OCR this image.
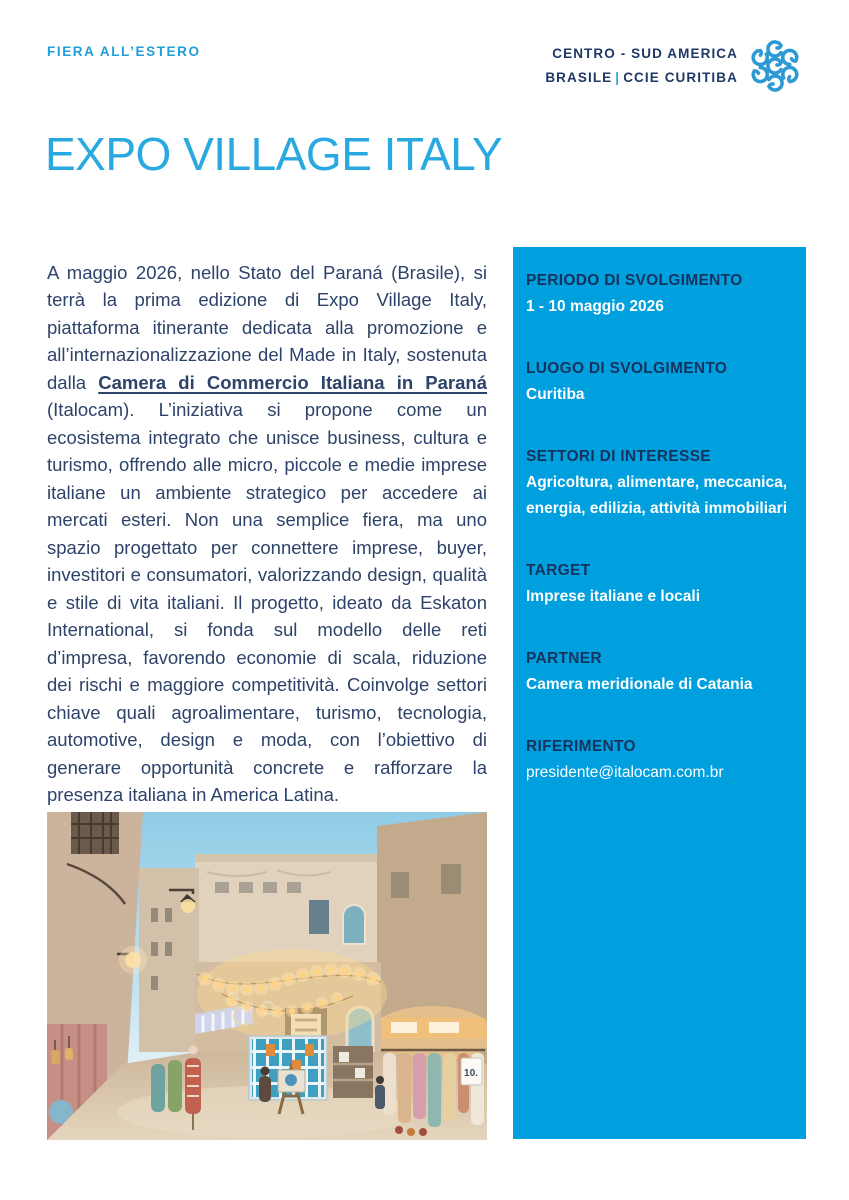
FIERA ALL’ESTERO	CENTRO - SUD AMERICA
BRASILE | CCIE CURITIBA
EXPO VILLAGE ITALY

A maggio 2026, nello Stato del Paraná (Brasile), si terrà la prima edizione di Expo Village Italy, piattaforma itinerante dedicata alla promozione e all’internazionalizzazione del Made in Italy, sostenuta dalla Camera di Commercio Italiana in Paraná (Italocam). L’iniziativa si propone come un ecosistema integrato che unisce business, cultura e turismo, offrendo alle micro, piccole e medie imprese italiane un ambiente strategico per accedere ai mercati esteri. Non una semplice fiera, ma uno spazio progettato per connettere imprese, buyer, investitori e consumatori, valorizzando design, qualità e stile di vita italiani. Il progetto, ideato da Eskaton International, si fonda sul modello delle reti d’impresa, favorendo economie di scala, riduzione dei rischi e maggiore competitività. Coinvolge settori chiave quali agroalimentare, turismo, tecnologia, automotive, design e moda, con l’obiettivo di generare opportunità concrete e rafforzare la presenza italiana in America Latina.

10.
PERIODO DI SVOLGIMENTO
1 - 10 maggio 2026
LUOGO DI SVOLGIMENTO
Curitiba
SETTORI DI INTERESSE
Agricoltura, alimentare, meccanica, energia, edilizia, attività immobiliari
TARGET
Imprese italiane e locali
PARTNER
Camera meridionale di Catania
RIFERIMENTO
presidente@italocam.com.br
